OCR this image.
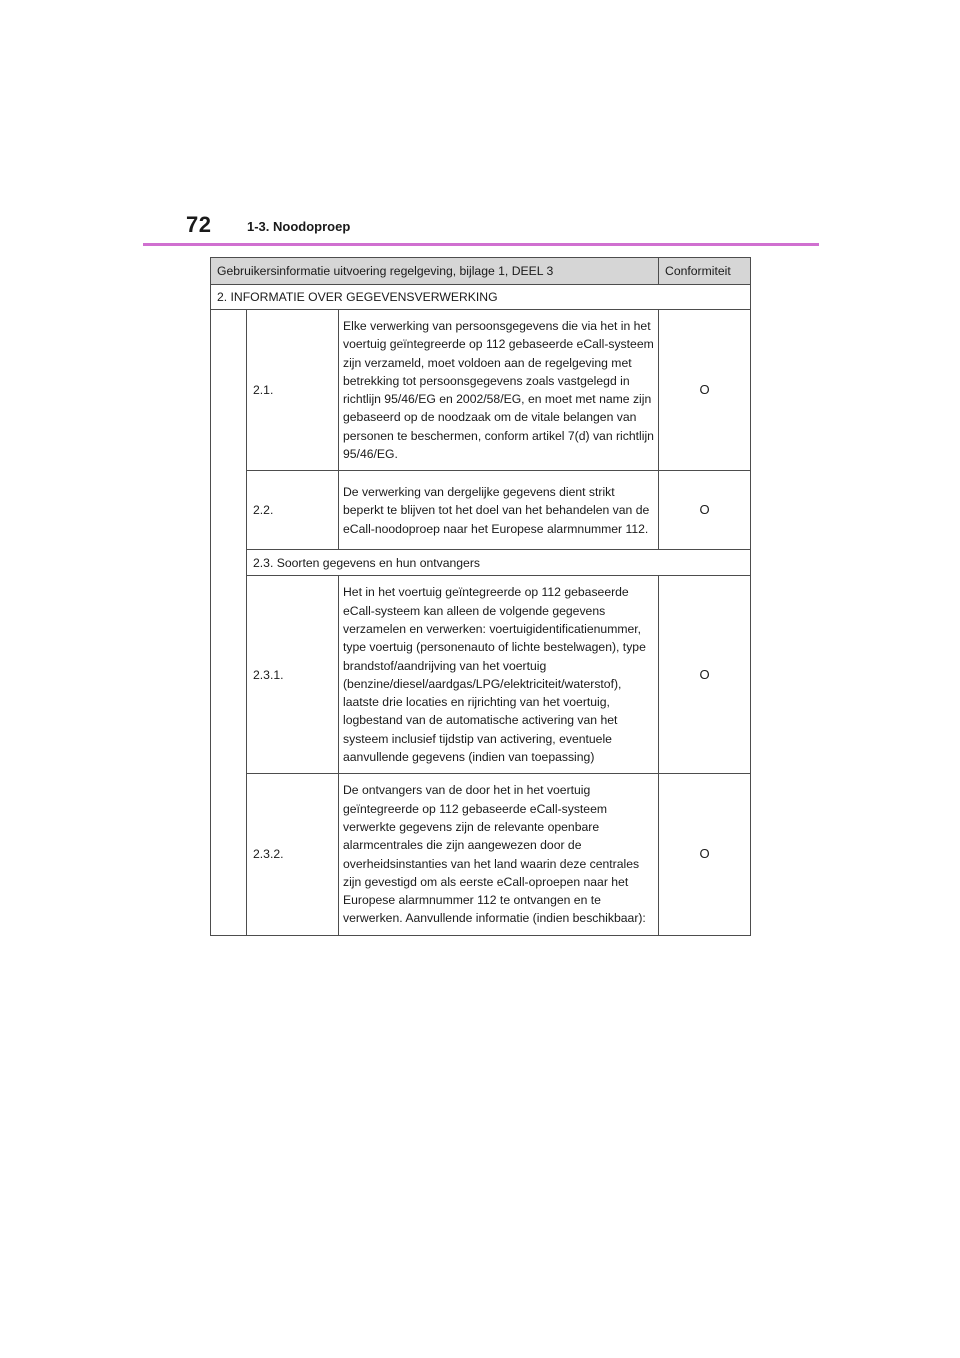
72	1-3. Noodoproep
Gebruikersinformatie uitvoering regelgeving, bijlage 1, DEEL 3			Conformiteit
2. INFORMATIE OVER GEGEVENSVERWERKING			
	2.1.	Elke verwerking van persoonsgegevens die via het in het voertuig geïntegreerde op 112 gebaseerde eCall-systeem zijn verzameld, moet voldoen aan de regelgeving met betrekking tot persoonsgegevens zoals vastgelegd in richtlijn 95/46/EG en 2002/58/EG, en moet met name zijn gebaseerd op de noodzaak om de vitale belangen van personen te beschermen, conform artikel 7(d) van richtlijn 95/46/EG.	O
	2.2.	De verwerking van dergelijke gegevens dient strikt beperkt te blijven tot het doel van het behandelen van de eCall-noodoproep naar het Europese alarmnummer 112.	O
	2.3. Soorten gegevens en hun ontvangers		
	2.3.1.	Het in het voertuig geïntegreerde op 112 gebaseerde eCall-systeem kan alleen de volgende gegevens verzamelen en verwerken: voertuigidentificatienummer, type voertuig (personenauto of lichte bestelwagen), type brandstof/aandrijving van het voertuig (benzine/diesel/aardgas/LPG/elektriciteit/waterstof), laatste drie locaties en rijrichting van het voertuig, logbestand van de automatische activering van het systeem inclusief tijdstip van activering, eventuele aanvullende gegevens (indien van toepassing)	O
	2.3.2.	De ontvangers van de door het in het voertuig geïntegreerde op 112 gebaseerde eCall-systeem verwerkte gegevens zijn de relevante openbare alarmcentrales die zijn aangewezen door de overheidsinstanties van het land waarin deze centrales zijn gevestigd om als eerste eCall-oproepen naar het Europese alarmnummer 112 te ontvangen en te verwerken. Aanvullende informatie (indien beschikbaar):	O
